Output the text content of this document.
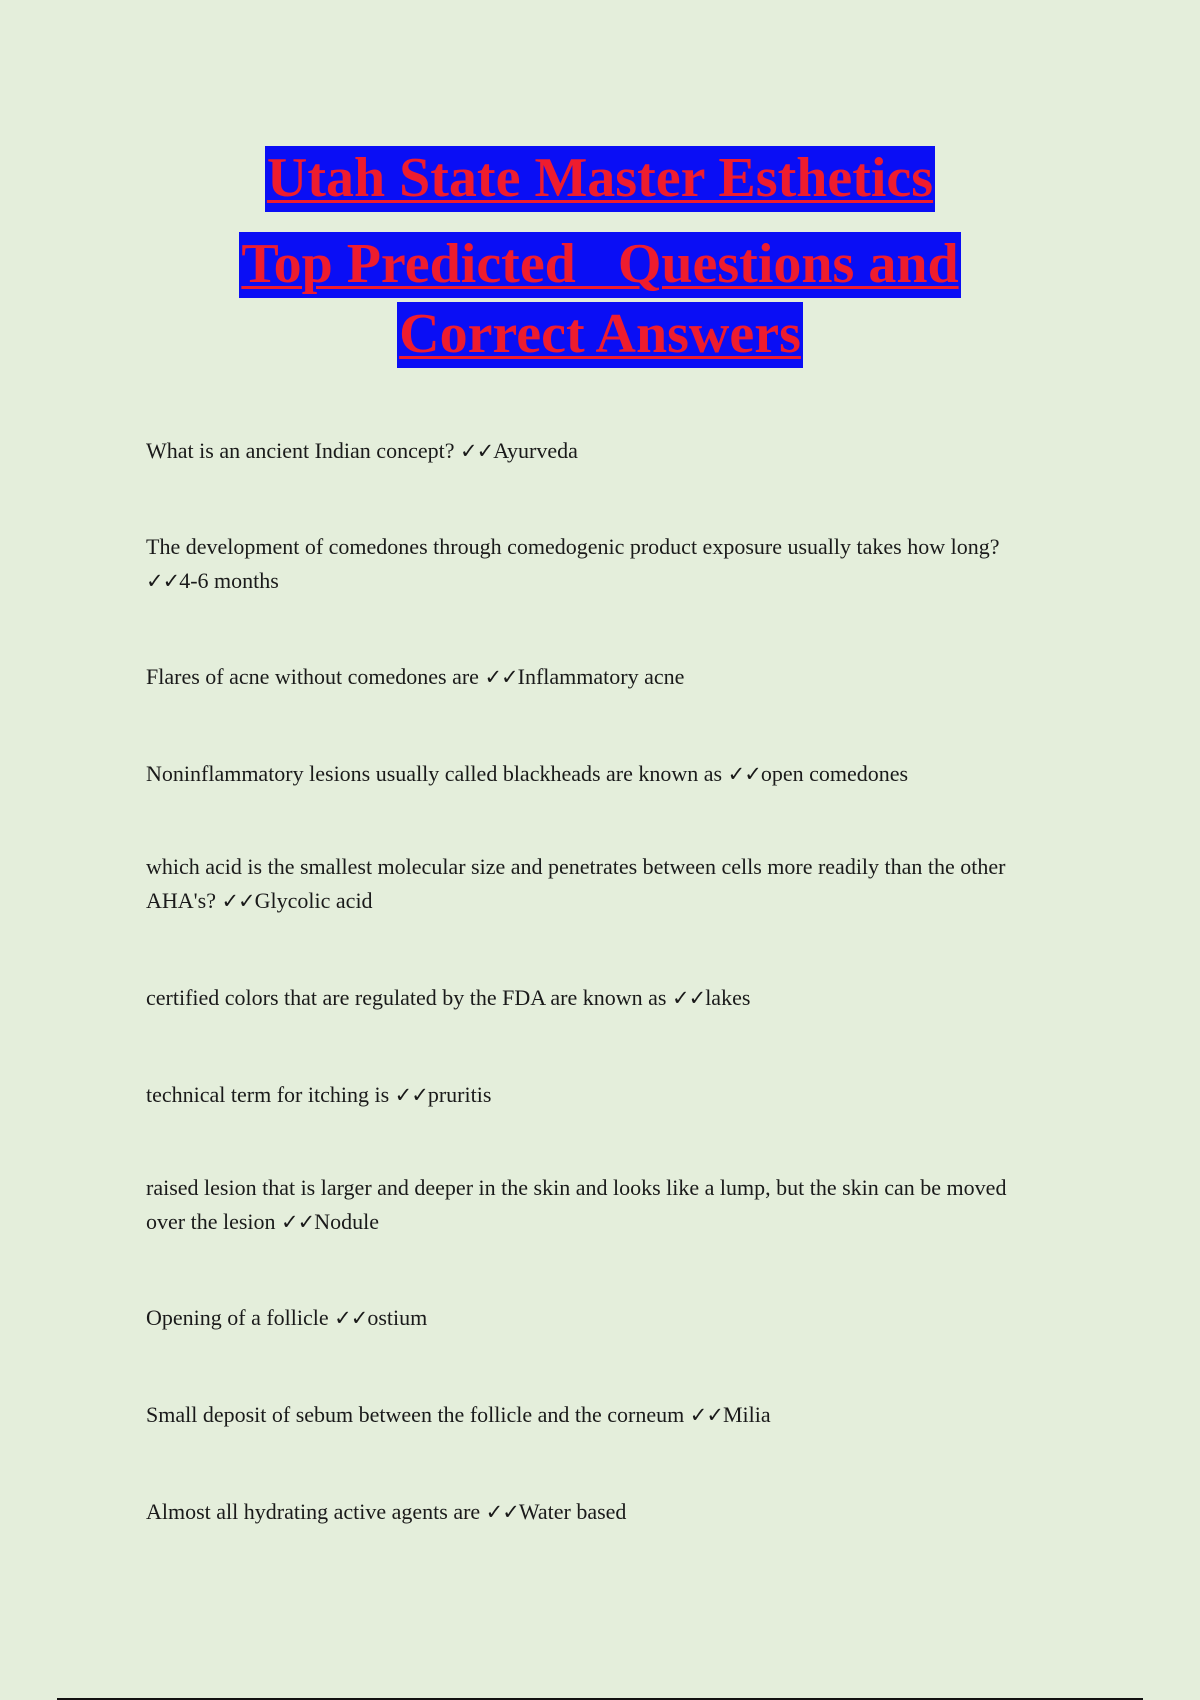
Utah State Master Esthetics
Top Predicted   Questions and
Correct Answers
What is an ancient Indian concept? ✓✓Ayurveda
The development of comedones through comedogenic product exposure usually takes how long? ✓✓4-6 months
Flares of acne without comedones are ✓✓Inflammatory acne
Noninflammatory lesions usually called blackheads are known as ✓✓open comedones
which acid is the smallest molecular size and penetrates between cells more readily than the other AHA's? ✓✓Glycolic acid
certified colors that are regulated by the FDA are known as ✓✓lakes
technical term for itching is ✓✓pruritis
raised lesion that is larger and deeper in the skin and looks like a lump, but the skin can be moved over the lesion ✓✓Nodule
Opening of a follicle ✓✓ostium
Small deposit of sebum between the follicle and the corneum ✓✓Milia
Almost all hydrating active agents are ✓✓Water based
